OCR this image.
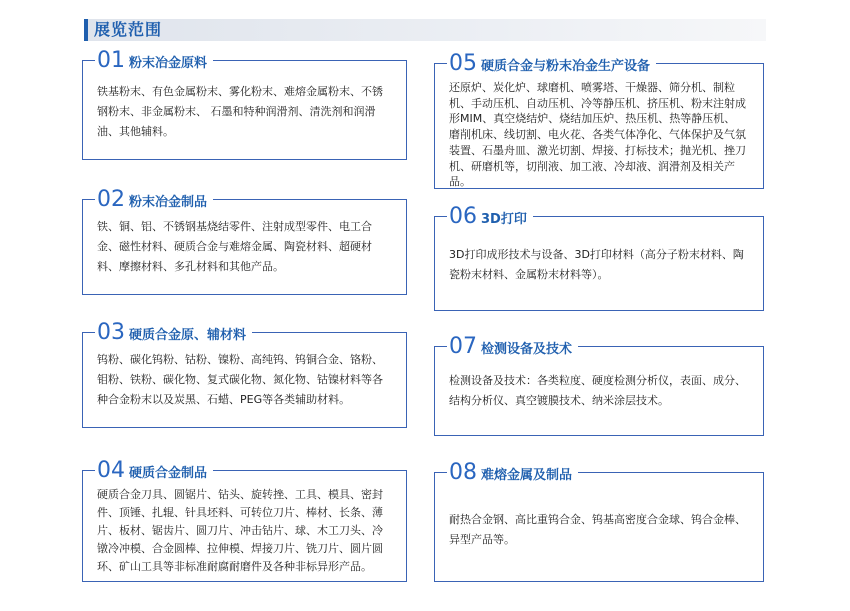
展览范围
01 粉末冶金原料
铁基粉末、有色金属粉末、雾化粉末、难熔金属粉末、不锈
钢粉末、非金属粉末、 石墨和特种润滑剂、清洗剂和润滑
油、其他辅料。
02 粉末冶金制品
铁、铜、铝、不锈钢基烧结零件、注射成型零件、电工合
金、磁性材料、硬质合金与难熔金属、陶瓷材料、超硬材
料、摩擦材料、多孔材料和其他产品。
03 硬质合金原、辅材料
钨粉、碳化钨粉、钴粉、镍粉、高纯钨、钨铜合金、铬粉、
钼粉、铁粉、碳化物、复式碳化物、氮化物、钴镍材料等各
种合金粉末以及炭黑、石蜡、PEG等各类辅助材料。
04 硬质合金制品
硬质合金刀具、圆锯片、钻头、旋转挫、工具、模具、密封
件、顶锤、扎辊、针具坯料、可转位刀片、棒材、长条、薄
片、板材、锯齿片、圆刀片、冲击钻片、球、木工刀头、冷
镦冷冲模、合金圆棒、拉伸模、焊接刀片、铣刀片、圆片圆
环、矿山工具等非标准耐腐耐磨件及各种非标异形产品。
05 硬质合金与粉末冶金生产设备
还原炉、炭化炉、球磨机、喷雾塔、干燥器、筛分机、制粒
机、手动压机、自动压机、冷等静压机、挤压机、粉末注射成
形MIM、真空烧结炉、烧结加压炉、热压机、热等静压机、
磨削机床、线切割、电火花、各类气体净化、气体保护及气氛
装置、石墨舟皿、激光切割、焊接、打标技术；抛光机、挫刀
机、研磨机等，切削液、加工液、冷却液、润滑剂及相关产
品。
06 3D打印
3D打印成形技术与设备、3D打印材料（高分子粉末材料、陶
瓷粉末材料、金属粉末材料等）。
07 检测设备及技术
检测设备及技术：各类粒度、硬度检测分析仪，表面、成分、
结构分析仪、真空镀膜技术、纳米涂层技术。
08 难熔金属及制品
耐热合金钢、高比重钨合金、钨基高密度合金球、钨合金棒、
异型产品等。
